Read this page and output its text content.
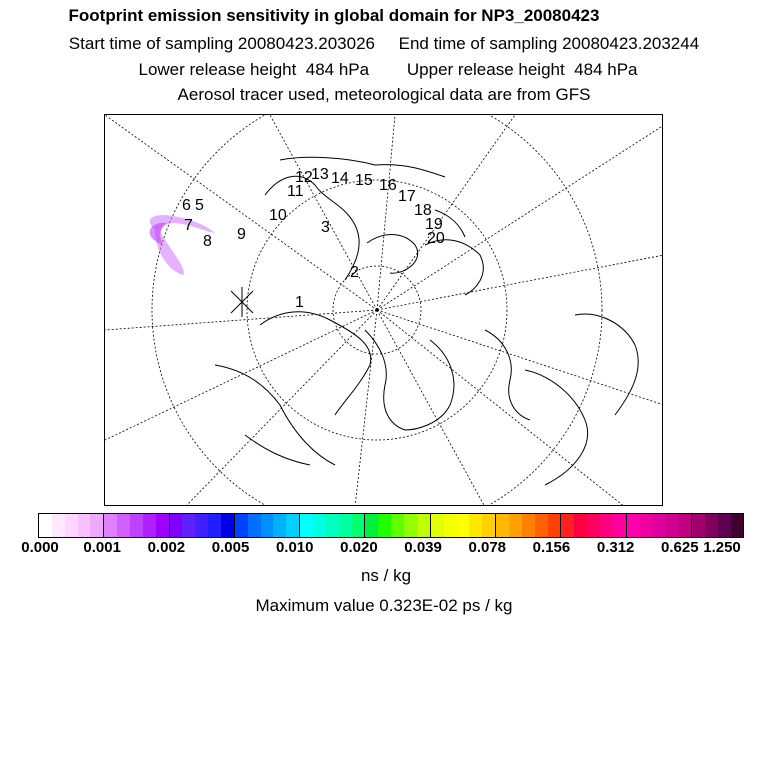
Footprint emission sensitivity in global domain for NP3_20080423
Start time of sampling 20080423.203026     End time of sampling 20080423.203244
Lower release height  484 hPa        Upper release height  484 hPa
Aerosol tracer used, meteorological data are from GFS
6 5
7
8 9
10
11
12
13 14 15 16
17
18
19
20
3
2
1
0.000 0.001 0.002 0.005 0.010 0.020 0.039 0.078 0.156 0.312 0.625 1.250
ns / kg
Maximum value 0.323E-02 ps / kg
